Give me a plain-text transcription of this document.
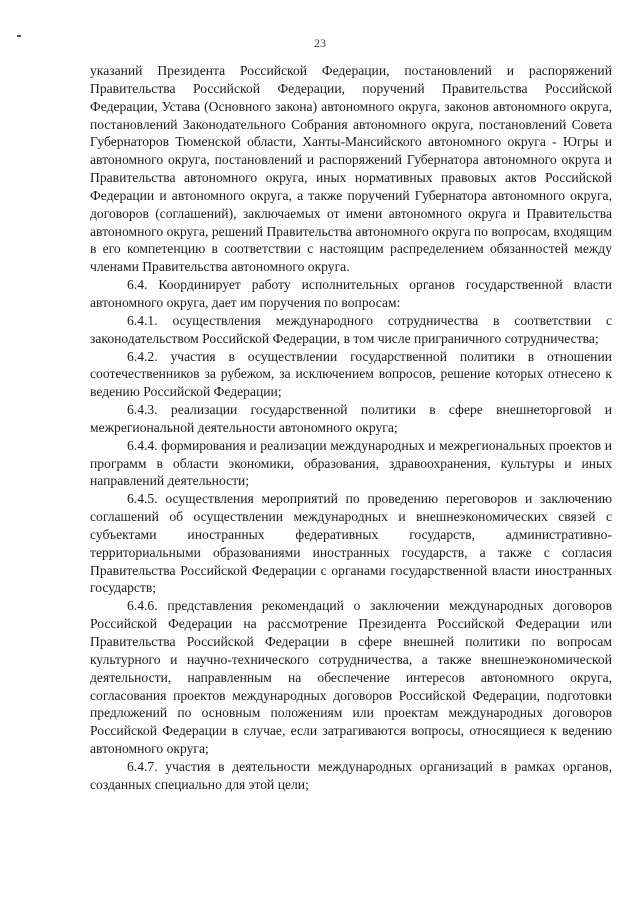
23

указаний Президента Российской Федерации, постановлений и распоряжений Правительства Российской Федерации, поручений Правительства Российской Федерации, Устава (Основного закона) автономного округа, законов автономного округа, постановлений Законодательного Собрания автономного округа, постановлений Совета Губернаторов Тюменской области, Ханты-Мансийского автономного округа - Югры и автономного округа, постановлений и распоряжений Губернатора автономного округа и Правительства автономного округа, иных нормативных правовых актов Российской Федерации и автономного округа, а также поручений Губернатора автономного округа, договоров (соглашений), заключаемых от имени автономного округа и Правительства автономного округа, решений Правительства автономного округа по вопросам, входящим в его компетенцию в соответствии с настоящим распределением обязанностей между членами Правительства автономного округа.

6.4. Координирует работу исполнительных органов государственной власти автономного округа, дает им поручения по вопросам:

6.4.1. осуществления международного сотрудничества в соответствии с законодательством Российской Федерации, в том числе приграничного сотрудничества;

6.4.2. участия в осуществлении государственной политики в отношении соотечественников за рубежом, за исключением вопросов, решение которых отнесено к ведению Российской Федерации;

6.4.3. реализации государственной политики в сфере внешнеторговой и межрегиональной деятельности автономного округа;

6.4.4. формирования и реализации международных и межрегиональных проектов и программ в области экономики, образования, здравоохранения, культуры и иных направлений деятельности;

6.4.5. осуществления мероприятий по проведению переговоров и заключению соглашений об осуществлении международных и внешнеэкономических связей с субъектами иностранных федеративных государств, административно-территориальными образованиями иностранных государств, а также с согласия Правительства Российской Федерации с органами государственной власти иностранных государств;

6.4.6. представления рекомендаций о заключении международных договоров Российской Федерации на рассмотрение Президента Российской Федерации или Правительства Российской Федерации в сфере внешней политики по вопросам культурного и научно-технического сотрудничества, а также внешнеэкономической деятельности, направленным на обеспечение интересов автономного округа, согласования проектов международных договоров Российской Федерации, подготовки предложений по основным положениям или проектам международных договоров Российской Федерации в случае, если затрагиваются вопросы, относящиеся к ведению автономного округа;

6.4.7. участия в деятельности международных организаций в рамках органов, созданных специально для этой цели;
